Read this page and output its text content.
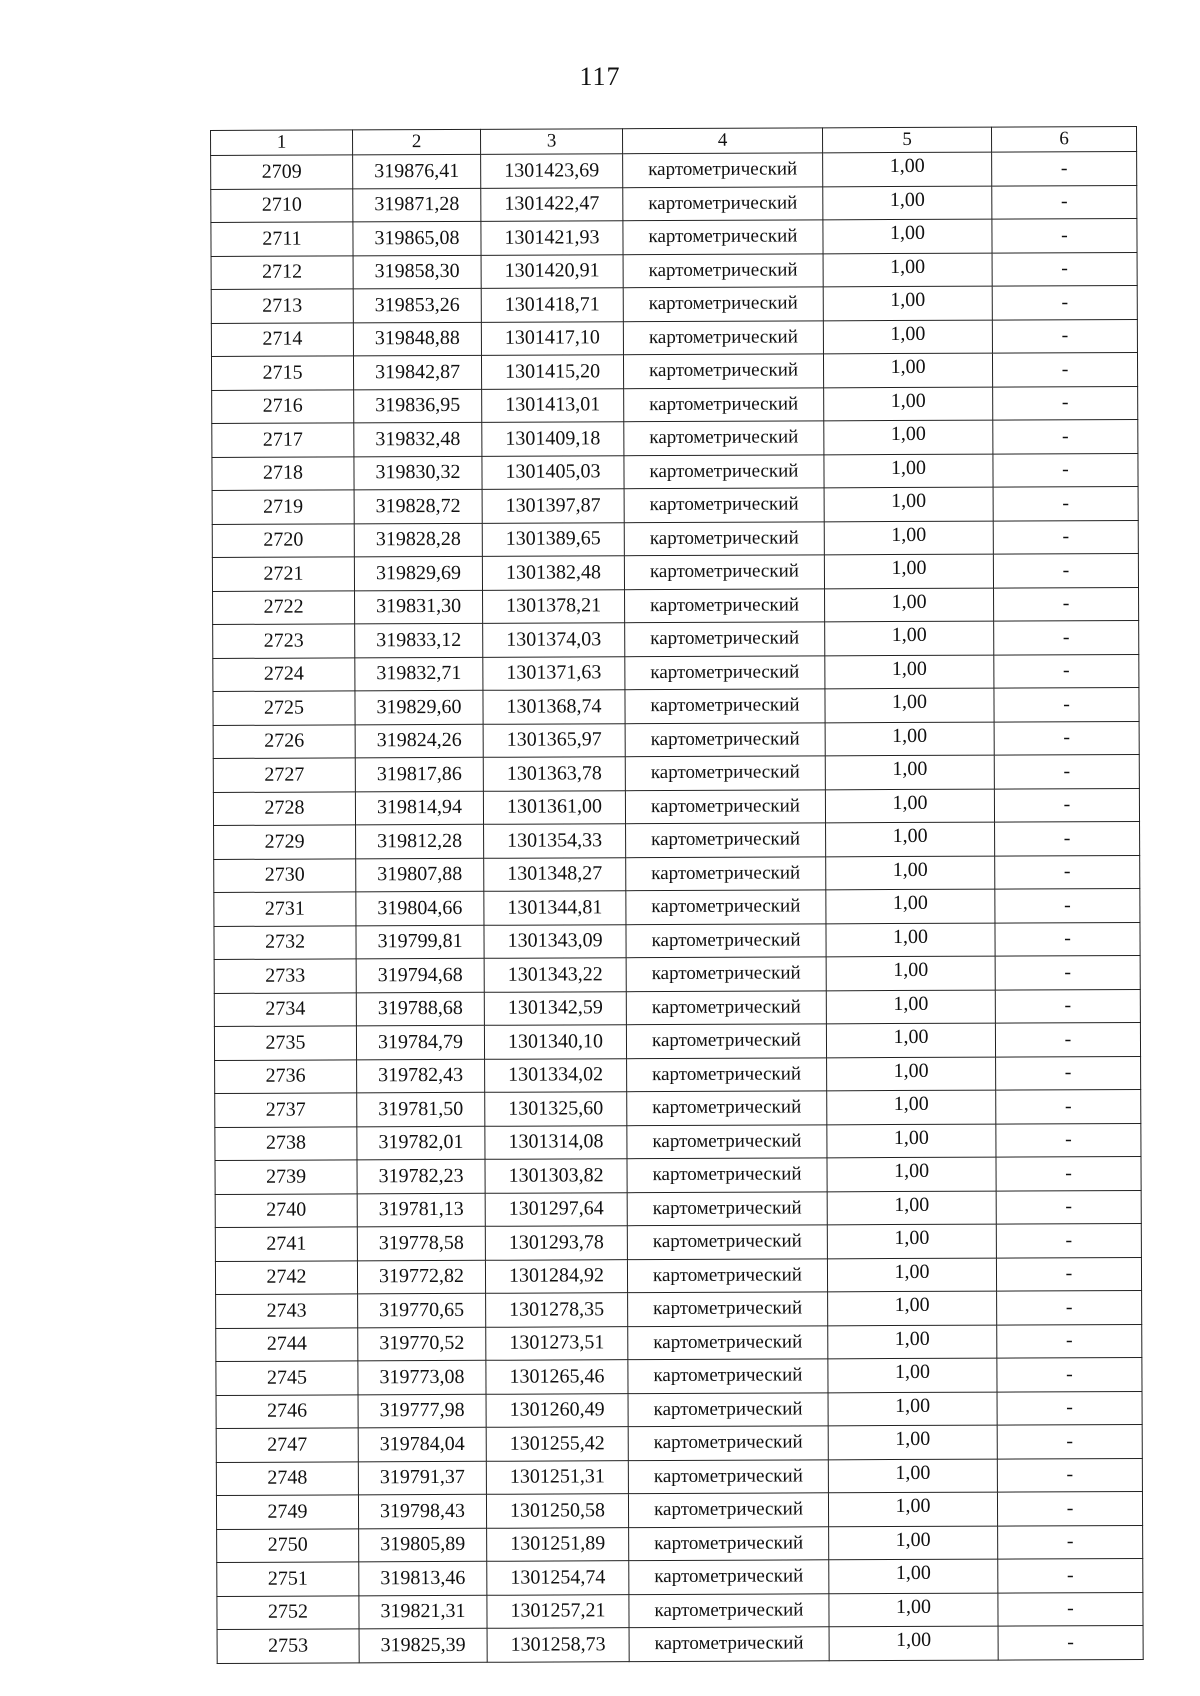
117
1	2	3	4	5	6
2709	319876,41	1301423,69	картометрический	1,00	-
2710	319871,28	1301422,47	картометрический	1,00	-
2711	319865,08	1301421,93	картометрический	1,00	-
2712	319858,30	1301420,91	картометрический	1,00	-
2713	319853,26	1301418,71	картометрический	1,00	-
2714	319848,88	1301417,10	картометрический	1,00	-
2715	319842,87	1301415,20	картометрический	1,00	-
2716	319836,95	1301413,01	картометрический	1,00	-
2717	319832,48	1301409,18	картометрический	1,00	-
2718	319830,32	1301405,03	картометрический	1,00	-
2719	319828,72	1301397,87	картометрический	1,00	-
2720	319828,28	1301389,65	картометрический	1,00	-
2721	319829,69	1301382,48	картометрический	1,00	-
2722	319831,30	1301378,21	картометрический	1,00	-
2723	319833,12	1301374,03	картометрический	1,00	-
2724	319832,71	1301371,63	картометрический	1,00	-
2725	319829,60	1301368,74	картометрический	1,00	-
2726	319824,26	1301365,97	картометрический	1,00	-
2727	319817,86	1301363,78	картометрический	1,00	-
2728	319814,94	1301361,00	картометрический	1,00	-
2729	319812,28	1301354,33	картометрический	1,00	-
2730	319807,88	1301348,27	картометрический	1,00	-
2731	319804,66	1301344,81	картометрический	1,00	-
2732	319799,81	1301343,09	картометрический	1,00	-
2733	319794,68	1301343,22	картометрический	1,00	-
2734	319788,68	1301342,59	картометрический	1,00	-
2735	319784,79	1301340,10	картометрический	1,00	-
2736	319782,43	1301334,02	картометрический	1,00	-
2737	319781,50	1301325,60	картометрический	1,00	-
2738	319782,01	1301314,08	картометрический	1,00	-
2739	319782,23	1301303,82	картометрический	1,00	-
2740	319781,13	1301297,64	картометрический	1,00	-
2741	319778,58	1301293,78	картометрический	1,00	-
2742	319772,82	1301284,92	картометрический	1,00	-
2743	319770,65	1301278,35	картометрический	1,00	-
2744	319770,52	1301273,51	картометрический	1,00	-
2745	319773,08	1301265,46	картометрический	1,00	-
2746	319777,98	1301260,49	картометрический	1,00	-
2747	319784,04	1301255,42	картометрический	1,00	-
2748	319791,37	1301251,31	картометрический	1,00	-
2749	319798,43	1301250,58	картометрический	1,00	-
2750	319805,89	1301251,89	картометрический	1,00	-
2751	319813,46	1301254,74	картометрический	1,00	-
2752	319821,31	1301257,21	картометрический	1,00	-
2753	319825,39	1301258,73	картометрический	1,00	-
